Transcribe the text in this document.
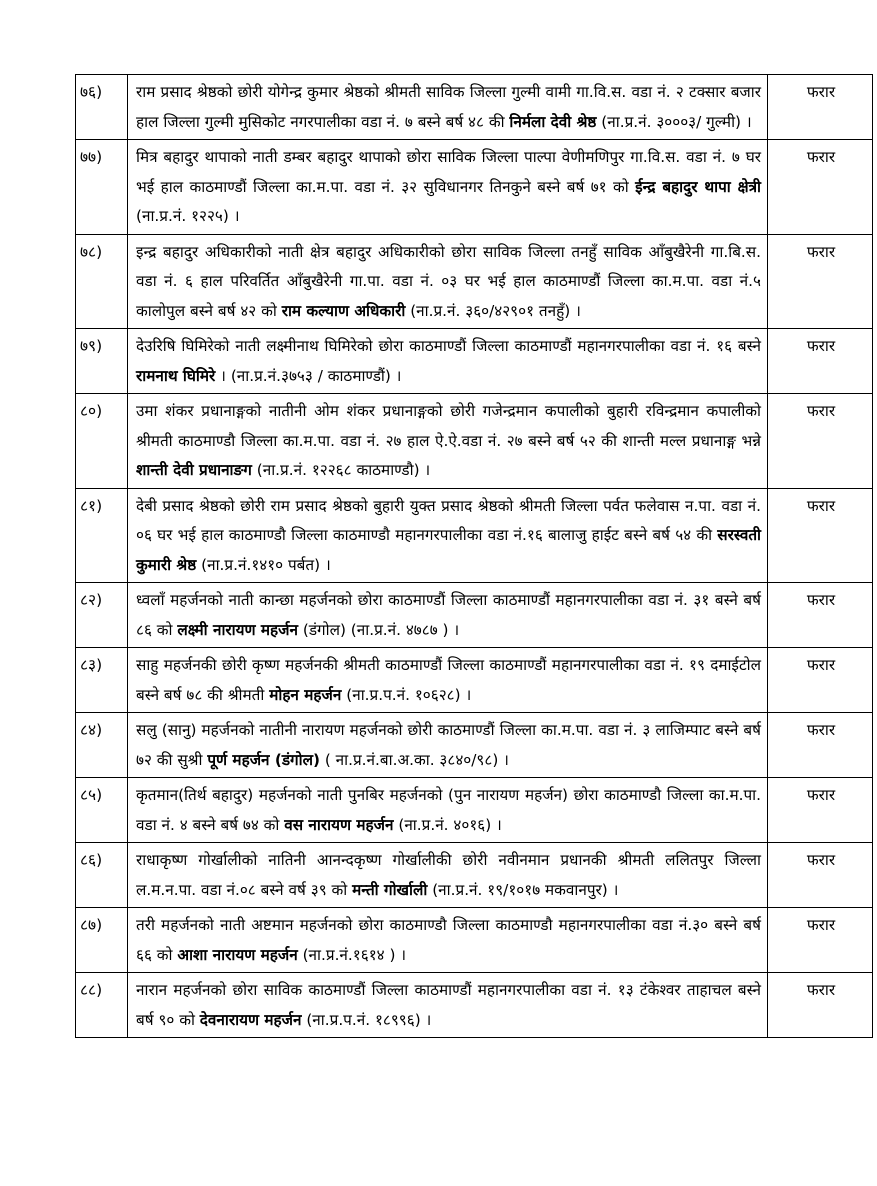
७६)	राम प्रसाद श्रेष्ठको छोरी योगेन्द्र कुमार श्रेष्ठको श्रीमती साविक जिल्ला गुल्मी वामी गा.वि.स. वडा नं. २ टक्सार बजार हाल जिल्ला गुल्मी मुसिकोट नगरपालीका वडा नं. ७ बस्ने बर्ष ४८ की निर्मला देवी श्रेष्ठ (ना.प्र.नं. ३०००३/ गुल्मी) ।	फरार
७७)	मित्र बहादुर थापाको नाती डम्बर बहादुर थापाको छोरा साविक जिल्ला पाल्पा वेणीमणिपुर गा.वि.स. वडा नं. ७ घर भई हाल काठमाण्डौं जिल्ला का.म.पा. वडा नं. ३२ सुविधानगर तिनकुने बस्ने बर्ष ७१ को ईन्द्र बहादुर थापा क्षेत्री (ना.प्र.नं. १२२५) ।	फरार
७८)	इन्द्र बहादुर अधिकारीको नाती क्षेत्र बहादुर अधिकारीको छोरा साविक जिल्ला तनहुँ साविक आँबुखैरेनी गा.बि.स. वडा नं. ६ हाल परिवर्तित आँबुखैरेनी गा.पा. वडा नं. ०३ घर भई हाल काठमाण्डौं जिल्ला का.म.पा. वडा नं.५ कालोपुल बस्ने बर्ष ४२ को राम कल्याण अधिकारी (ना.प्र.नं. ३६०/४२९०१ तनहुँ) ।	फरार
७९)	देउरिषि घिमिरेको नाती लक्ष्मीनाथ घिमिरेको छोरा काठमाण्डौं जिल्ला काठमाण्डौं महानगरपालीका वडा नं. १६ बस्ने रामनाथ घिमिरे । (ना.प्र.नं.३७५३ / काठमाण्डौं) ।	फरार
८०)	उमा शंकर प्रधानाङ्गको नातीनी ओम शंकर प्रधानाङ्गको छोरी गजेन्द्रमान कपालीको बुहारी रविन्द्रमान कपालीको श्रीमती काठमाण्डौ जिल्ला का.म.पा. वडा नं. २७ हाल ऐ.ऐ.वडा नं. २७ बस्ने बर्ष ५२ की शान्ती मल्ल प्रधानाङ्ग भन्ने शान्ती देवी प्रधानाङग (ना.प्र.नं. १२२६८ काठमाण्डौ) ।	फरार
८१)	देबी प्रसाद श्रेष्ठको छोरी राम प्रसाद श्रेष्ठको बुहारी युक्त प्रसाद श्रेष्ठको श्रीमती जिल्ला पर्वत फलेवास न.पा. वडा नं. ०६ घर भई हाल काठमाण्डौ जिल्ला काठमाण्डौ महानगरपालीका वडा नं.१६ बालाजु हाईट बस्ने बर्ष ५४ की सरस्वती कुमारी श्रेष्ठ (ना.प्र.नं.१४१० पर्बत) ।	फरार
८२)	ध्वलाँ महर्जनको नाती कान्छा महर्जनको छोरा काठमाण्डौं जिल्ला काठमाण्डौं महानगरपालीका वडा नं. ३१ बस्ने बर्ष ८६ को लक्ष्मी नारायण महर्जन (डंगोल) (ना.प्र.नं. ४७८७ ) ।	फरार
८३)	साहु महर्जनकी छोरी कृष्ण महर्जनकी श्रीमती काठमाण्डौं जिल्ला काठमाण्डौं महानगरपालीका वडा नं. १९ दमाईटोल बस्ने बर्ष ७८ की श्रीमती मोहन महर्जन (ना.प्र.प.नं. १०६२८) ।	फरार
८४)	सलु (सानु) महर्जनको नातीनी नारायण महर्जनको छोरी काठमाण्डौं जिल्ला का.म.पा. वडा नं. ३ लाजिम्पाट बस्ने बर्ष ७२ की सुश्री पूर्ण महर्जन (डंगोल) ( ना.प्र.नं.बा.अ.का. ३८४०/९८) ।	फरार
८५)	कृतमान(तिर्थ बहादुर) महर्जनको नाती पुनबिर महर्जनको (पुन नारायण महर्जन) छोरा काठमाण्डौ जिल्ला का.म.पा. वडा नं. ४ बस्ने बर्ष ७४ को वस नारायण महर्जन (ना.प्र.नं. ४०१६) ।	फरार
८६)	राधाकृष्ण गोर्खालीको नातिनी आनन्दकृष्ण गोर्खालीकी छोरी नवीनमान प्रधानकी श्रीमती ललितपुर जिल्ला ल.म.न.पा. वडा नं.०८ बस्ने वर्ष ३९ को मन्ती गोर्खाली (ना.प्र.नं. १९/१०१७ मकवानपुर) ।	फरार
८७)	तरी महर्जनको नाती अष्टमान महर्जनको छोरा काठमाण्डौ जिल्ला काठमाण्डौ महानगरपालीका वडा नं.३० बस्ने बर्ष ६६ को आशा नारायण महर्जन (ना.प्र.नं.१६१४ ) ।	फरार
८८)	नारान महर्जनको छोरा साविक काठमाण्डौं जिल्ला काठमाण्डौं महानगरपालीका वडा नं. १३ टंकेश्वर ताहाचल बस्ने बर्ष ९० को देवनारायण महर्जन (ना.प्र.प.नं. १८९९६) ।	फरार
